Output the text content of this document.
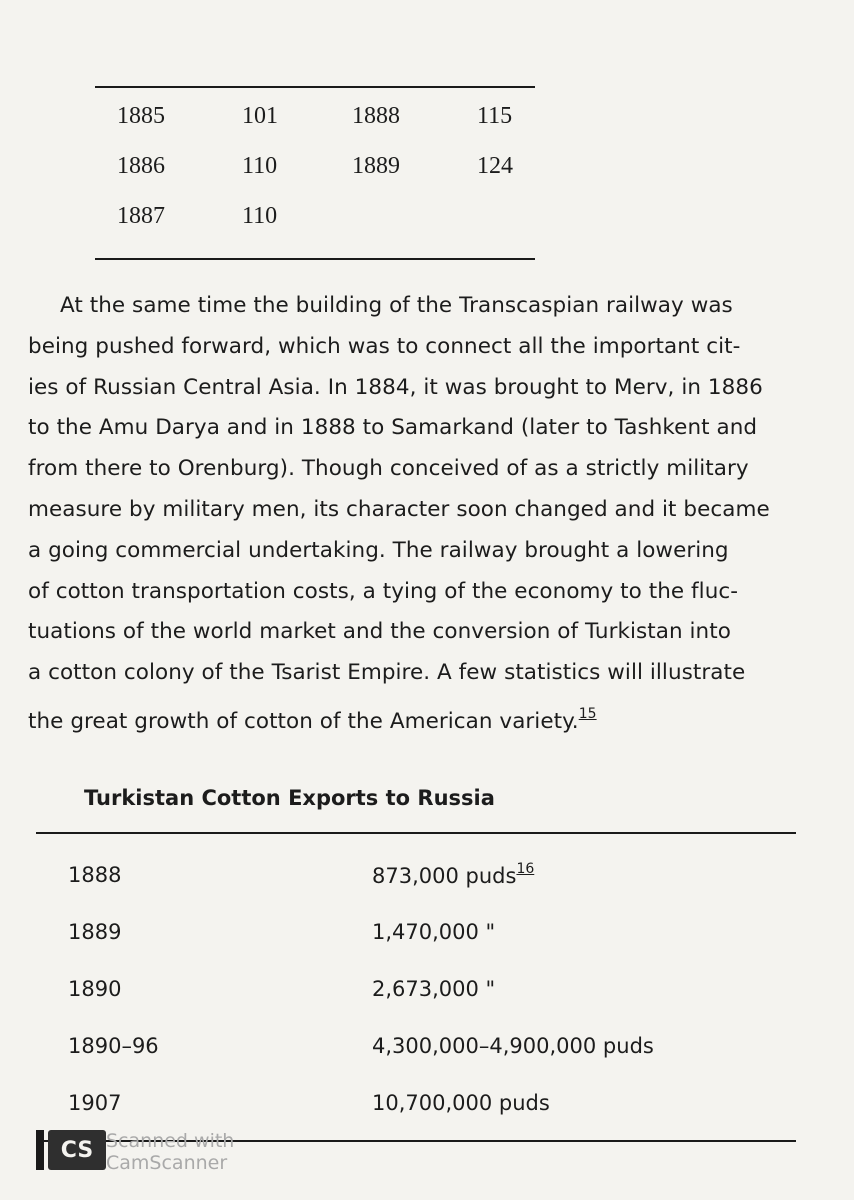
1885	101	1888	115
1886	110	1889	124
1887	110
At the same time the building of the Transcaspian railway was
being pushed forward, which was to connect all the important cit-
ies of Russian Central Asia. In 1884, it was brought to Merv, in 1886
to the Amu Darya and in 1888 to Samarkand (later to Tashkent and
from there to Orenburg). Though conceived of as a strictly military
measure by military men, its character soon changed and it became
a going commercial undertaking. The railway brought a lowering
of cotton transportation costs, a tying of the economy to the fluc-
tuations of the world market and the conversion of Turkistan into
a cotton colony of the Tsarist Empire. A few statistics will illustrate
the great growth of cotton of the American variety.$^{15}$
Turkistan Cotton Exports to Russia
1888	873,000 puds$^{16}$
1889	1,470,000 "
1890	2,673,000 "
1890–96	4,300,000–4,900,000 puds
1907	10,700,000 puds
CS Scanned with
CamScanner
